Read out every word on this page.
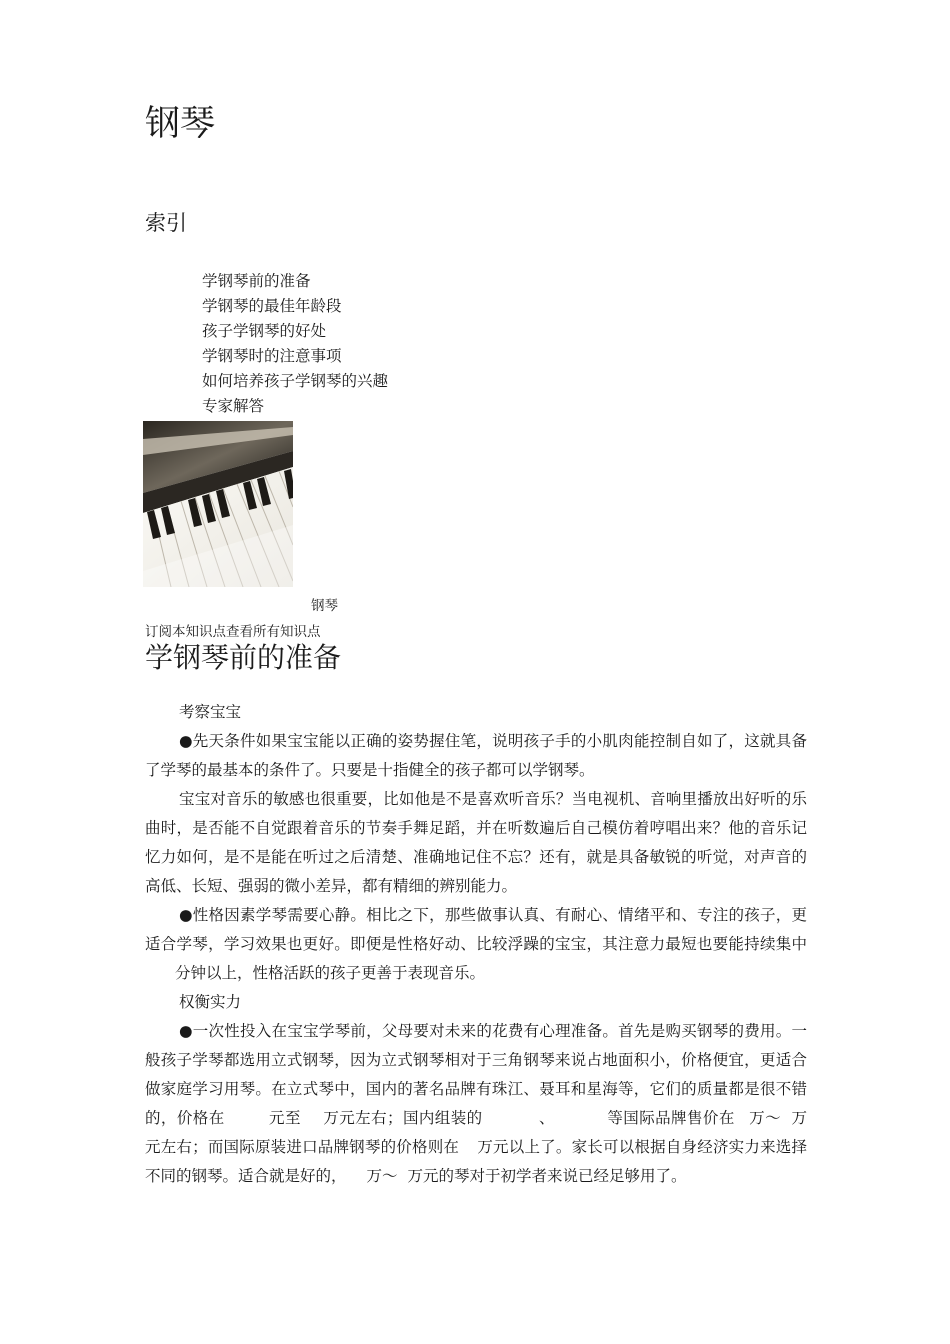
钢琴
索引
学钢琴前的准备
学钢琴的最佳年龄段
孩子学钢琴的好处
学钢琴时的注意事项
如何培养孩子学钢琴的兴趣
专家解答
钢琴
订阅本知识点查看所有知识点
学钢琴前的准备

考察宝宝

●先天条件如果宝宝能以正确的姿势握住笔，说明孩子手的小肌肉能控制自如了，这就具备了学琴的最基本的条件了。只要是十指健全的孩子都可以学钢琴。

宝宝对音乐的敏感也很重要，比如他是不是喜欢听音乐？当电视机、音响里播放出好听的乐曲时，是否能不自觉跟着音乐的节奏手舞足蹈，并在听数遍后自己模仿着哼唱出来？他的音乐记忆力如何，是不是能在听过之后清楚、准确地记住不忘？还有，就是具备敏锐的听觉，对声音的高低、长短、强弱的微小差异，都有精细的辨别能力。

●性格因素学琴需要心静。相比之下，那些做事认真、有耐心、情绪平和、专注的孩子，更适合学琴，学习效果也更好。即便是性格好动、比较浮躁的宝宝，其注意力最短也要能持续集中分钟以上，性格活跃的孩子更善于表现音乐。

权衡实力

●一次性投入在宝宝学琴前，父母要对未来的花费有心理准备。首先是购买钢琴的费用。一般孩子学琴都选用立式钢琴，因为立式钢琴相对于三角钢琴来说占地面积小，价格便宜，更适合做家庭学习用琴。在立式琴中，国内的著名品牌有珠江、聂耳和星海等，它们的质量都是很不错的，价格在	元至 万元左右；国内组装的	、	等国际品牌售价在 万～ 万元左右；而国际原装进口品牌钢琴的价格则在 万元以上了。家长可以根据自身经济实力来选择不同的钢琴。适合就是好的， 万～ 万元的琴对于初学者来说已经足够用了。
